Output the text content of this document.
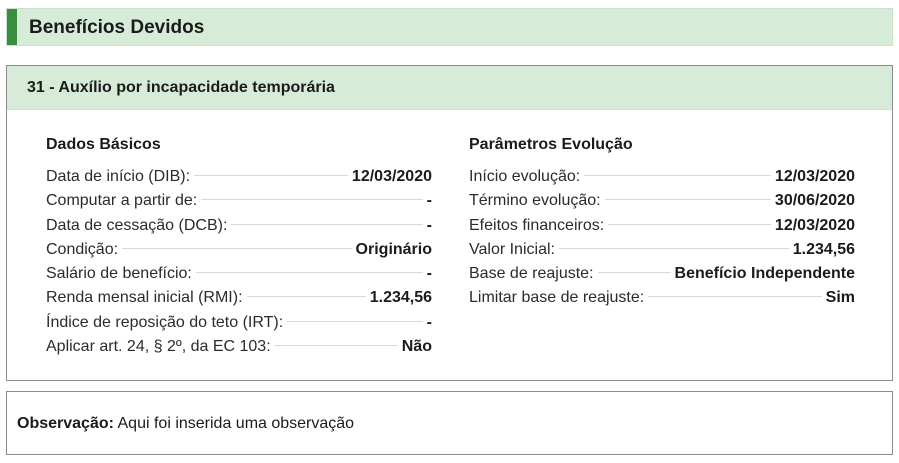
Benefícios Devidos
31 - Auxílio por incapacidade temporária
Dados Básicos
Data de início (DIB):	12/03/2020
Computar a partir de:	-
Data de cessação (DCB):	-
Condição:	Originário
Salário de benefício:	-
Renda mensal inicial (RMI):	1.234,56
Índice de reposição do teto (IRT):	-
Aplicar art. 24, § 2º, da EC 103:	Não
Parâmetros Evolução
Início evolução:	12/03/2020
Término evolução:	30/06/2020
Efeitos financeiros:	12/03/2020
Valor Inicial:	1.234,56
Base de reajuste:	Benefício Independente
Limitar base de reajuste:	Sim
Observação: Aqui foi inserida uma observação
